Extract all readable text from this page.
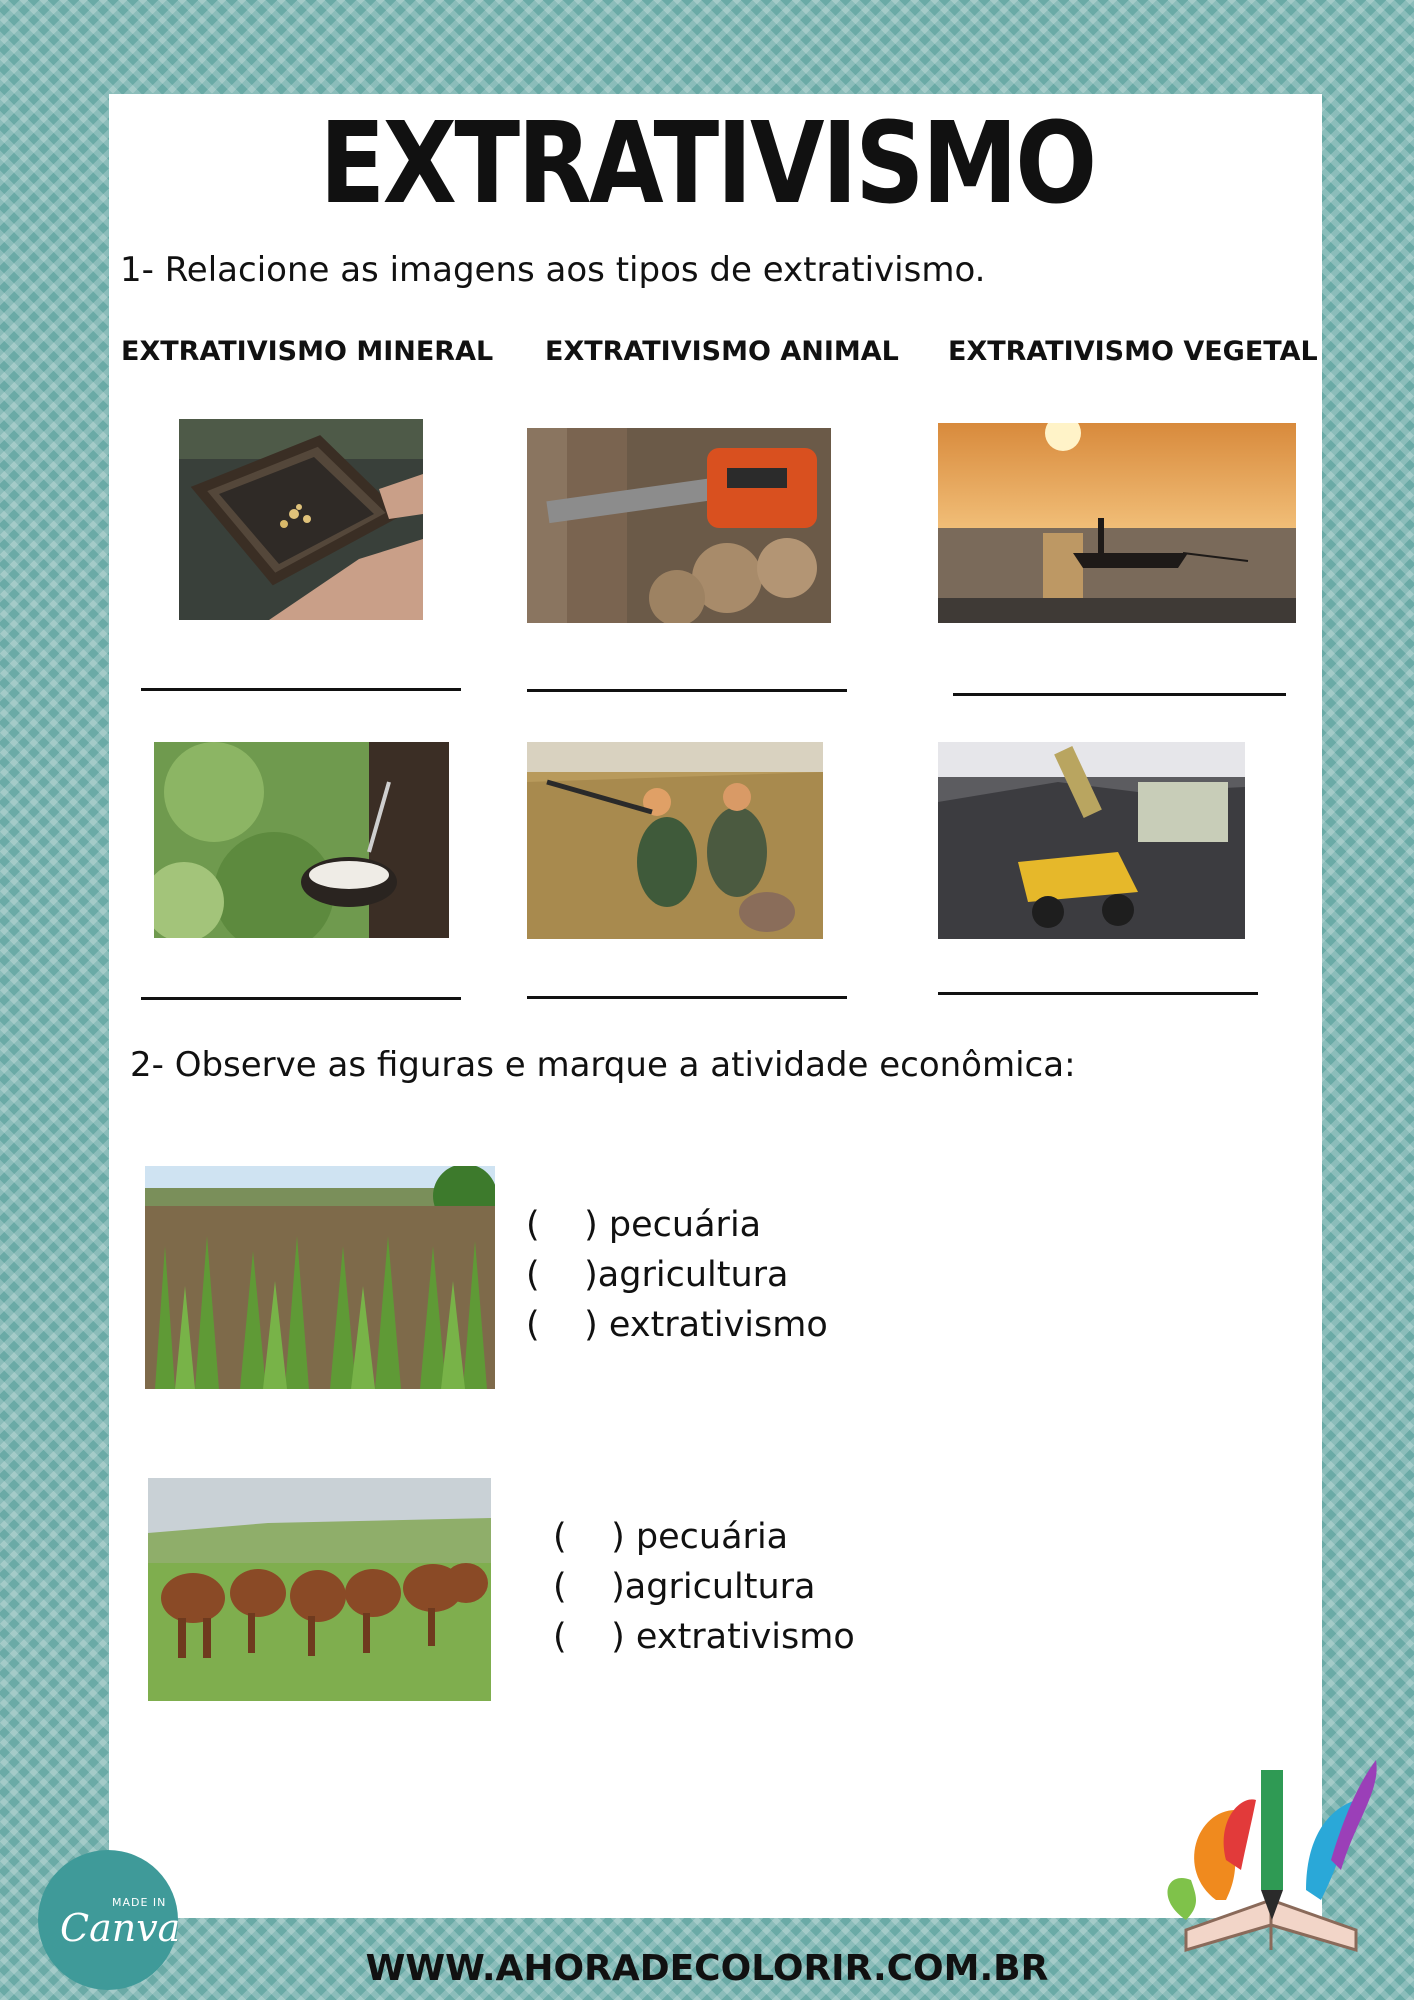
EXTRATIVISMO
1- Relacione as imagens aos tipos de extrativismo.
EXTRATIVISMO MINERAL EXTRATIVISMO ANIMAL EXTRATIVISMO VEGETAL
2- Observe as figuras e marque a atividade econômica:
(    ) pecuária
(    )agricultura
(    ) extrativismo
(    ) pecuária
(    )agricultura
(    ) extrativismo
MADE IN
Canva
WWW.AHORADECOLORIR.COM.BR
